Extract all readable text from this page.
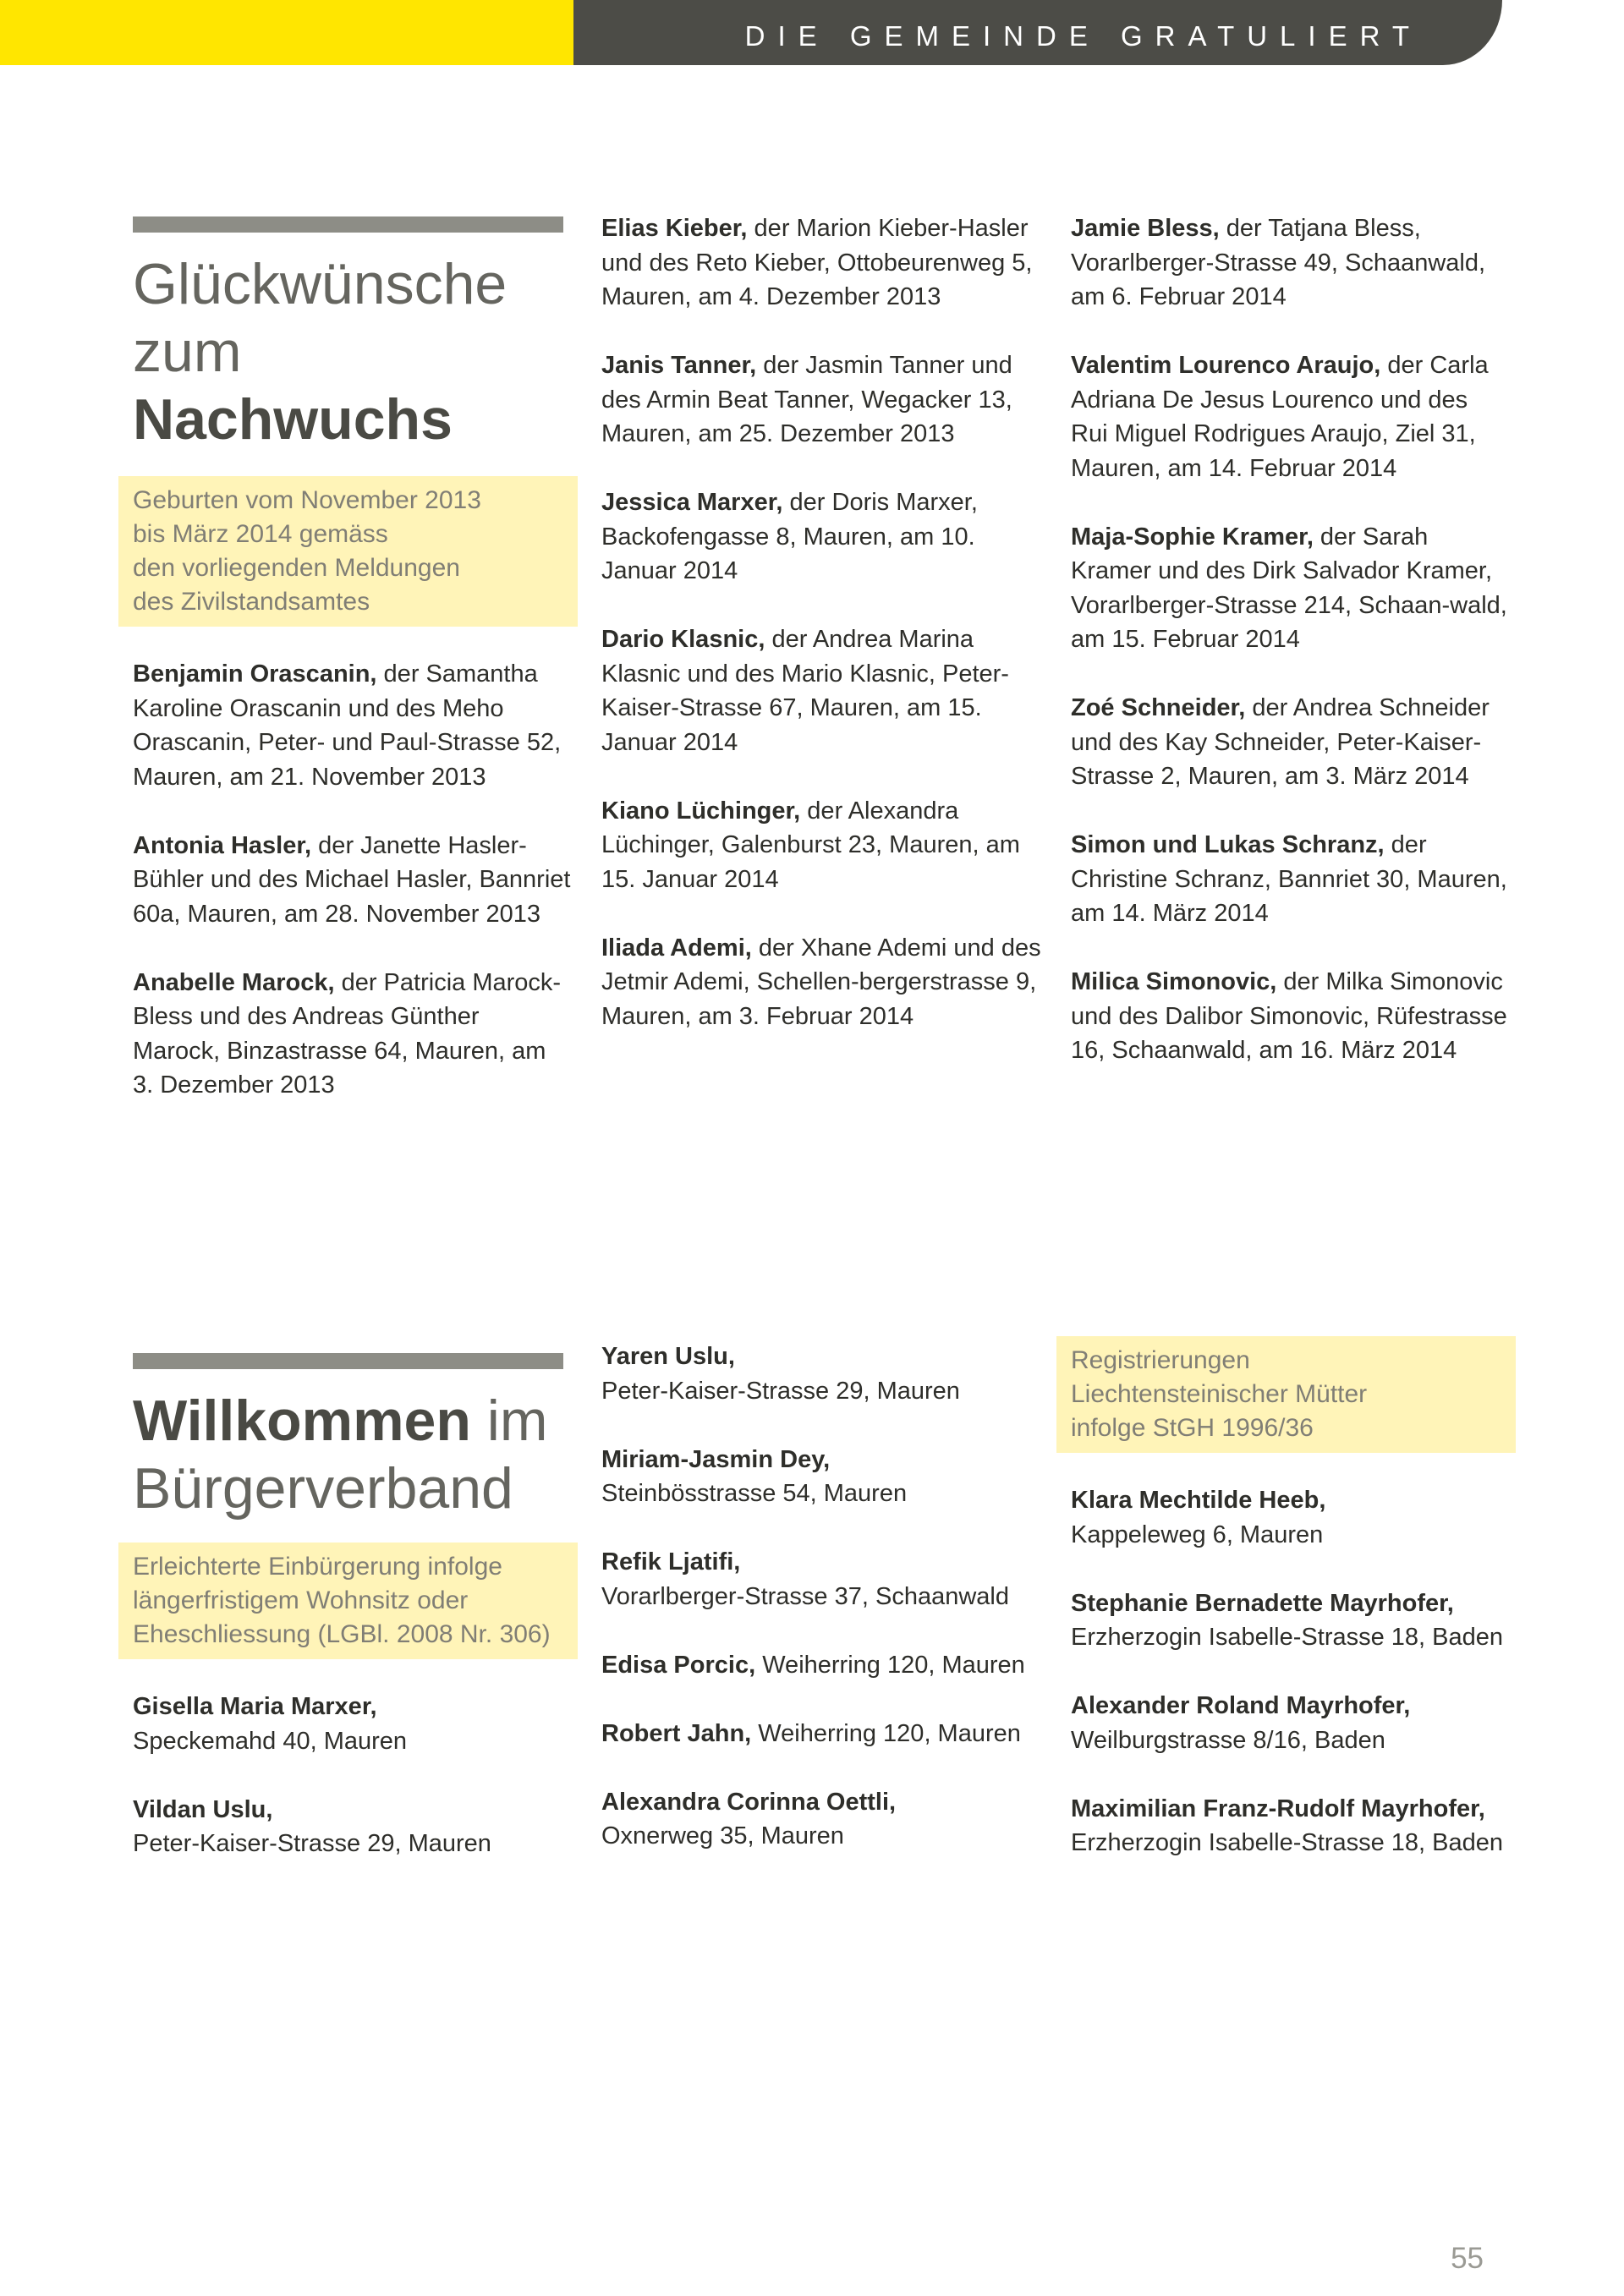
DIE GEMEINDE GRATULIERT
Glückwünsche
zum
Nachwuchs
Geburten vom November 2013
bis März 2014 gemäss
den vorliegenden Meldungen
des Zivilstandsamtes

Benjamin Orascanin, der Samantha Karoline Orascanin und des Meho Orascanin, Peter- und Paul-Strasse 52, Mauren, am 21. November 2013

Antonia Hasler, der Janette Hasler-Bühler und des Michael Hasler, Bannriet 60a, Mauren, am 28. November 2013

Anabelle Marock, der Patricia Marock-Bless und des Andreas Günther Marock, Binzastrasse 64, Mauren, am 3. Dezember 2013

Elias Kieber, der Marion Kieber-Hasler und des Reto Kieber, Ottobeurenweg 5, Mauren, am 4. Dezember 2013

Janis Tanner, der Jasmin Tanner und des Armin Beat Tanner, Wegacker 13, Mauren, am 25. Dezember 2013

Jessica Marxer, der Doris Marxer, Backofengasse 8, Mauren, am 10. Januar 2014

Dario Klasnic, der Andrea Marina Klasnic und des Mario Klasnic, Peter-Kaiser-Strasse 67, Mauren, am 15. Januar 2014

Kiano Lüchinger, der Alexandra Lüchinger, Galenburst 23, Mauren, am 15. Januar 2014

Iliada Ademi, der Xhane Ademi und des Jetmir Ademi, Schellen-bergerstrasse 9, Mauren, am 3. Februar 2014

Jamie Bless, der Tatjana Bless, Vorarlberger-Strasse 49, Schaanwald, am 6. Februar 2014

Valentim Lourenco Araujo, der Carla Adriana De Jesus Lourenco und des Rui Miguel Rodrigues Araujo, Ziel 31, Mauren, am 14. Februar 2014

Maja-Sophie Kramer, der Sarah Kramer und des Dirk Salvador Kramer, Vorarlberger-Strasse 214, Schaan-wald, am 15. Februar 2014

Zoé Schneider, der Andrea Schneider und des Kay Schneider, Peter-Kaiser-Strasse 2, Mauren, am 3. März 2014

Simon und Lukas Schranz, der Christine Schranz, Bannriet 30, Mauren, am 14. März 2014

Milica Simonovic, der Milka Simonovic und des Dalibor Simonovic, Rüfestrasse 16, Schaanwald, am 16. März 2014

Willkommen im
Bürgerverband
Erleichterte Einbürgerung infolge
längerfristigem Wohnsitz oder
Eheschliessung (LGBl. 2008 Nr. 306)

Gisella Maria Marxer,
Speckemahd 40, Mauren

Vildan Uslu,
Peter-Kaiser-Strasse 29, Mauren

Yaren Uslu,
Peter-Kaiser-Strasse 29, Mauren

Miriam-Jasmin Dey,
Steinbösstrasse 54, Mauren

Refik Ljatifi,
Vorarlberger-Strasse 37, Schaanwald

Edisa Porcic, Weiherring 120, Mauren

Robert Jahn, Weiherring 120, Mauren

Alexandra Corinna Oettli,
Oxnerweg 35, Mauren

Registrierungen
Liechtensteinischer Mütter
infolge StGH 1996/36

Klara Mechtilde Heeb,
Kappeleweg 6, Mauren

Stephanie Bernadette Mayrhofer,
Erzherzogin Isabelle-Strasse 18, Baden

Alexander Roland Mayrhofer,
Weilburgstrasse 8/16, Baden

Maximilian Franz-Rudolf Mayrhofer,
Erzherzogin Isabelle-Strasse 18, Baden

55
